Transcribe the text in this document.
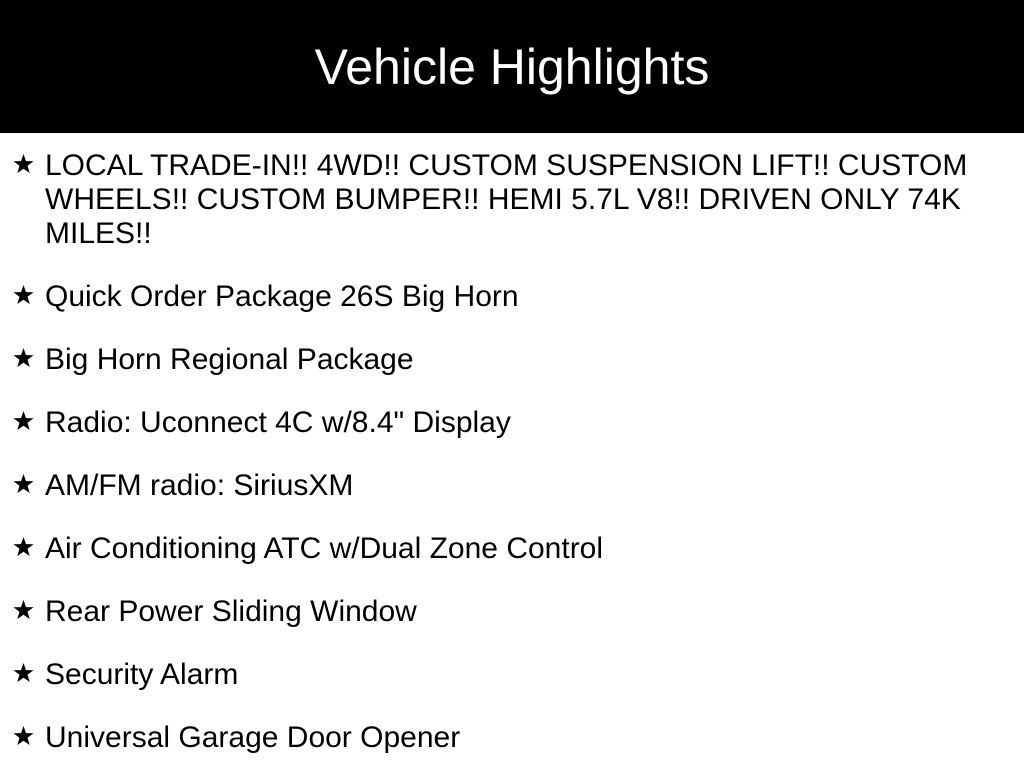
Vehicle Highlights
LOCAL TRADE-IN!! 4WD!! CUSTOM SUSPENSION LIFT!! CUSTOM WHEELS!! CUSTOM BUMPER!! HEMI 5.7L V8!! DRIVEN ONLY 74K MILES!!
Quick Order Package 26S Big Horn
Big Horn Regional Package
Radio: Uconnect 4C w/8.4" Display
AM/FM radio: SiriusXM
Air Conditioning ATC w/Dual Zone Control
Rear Power Sliding Window
Security Alarm
Universal Garage Door Opener
